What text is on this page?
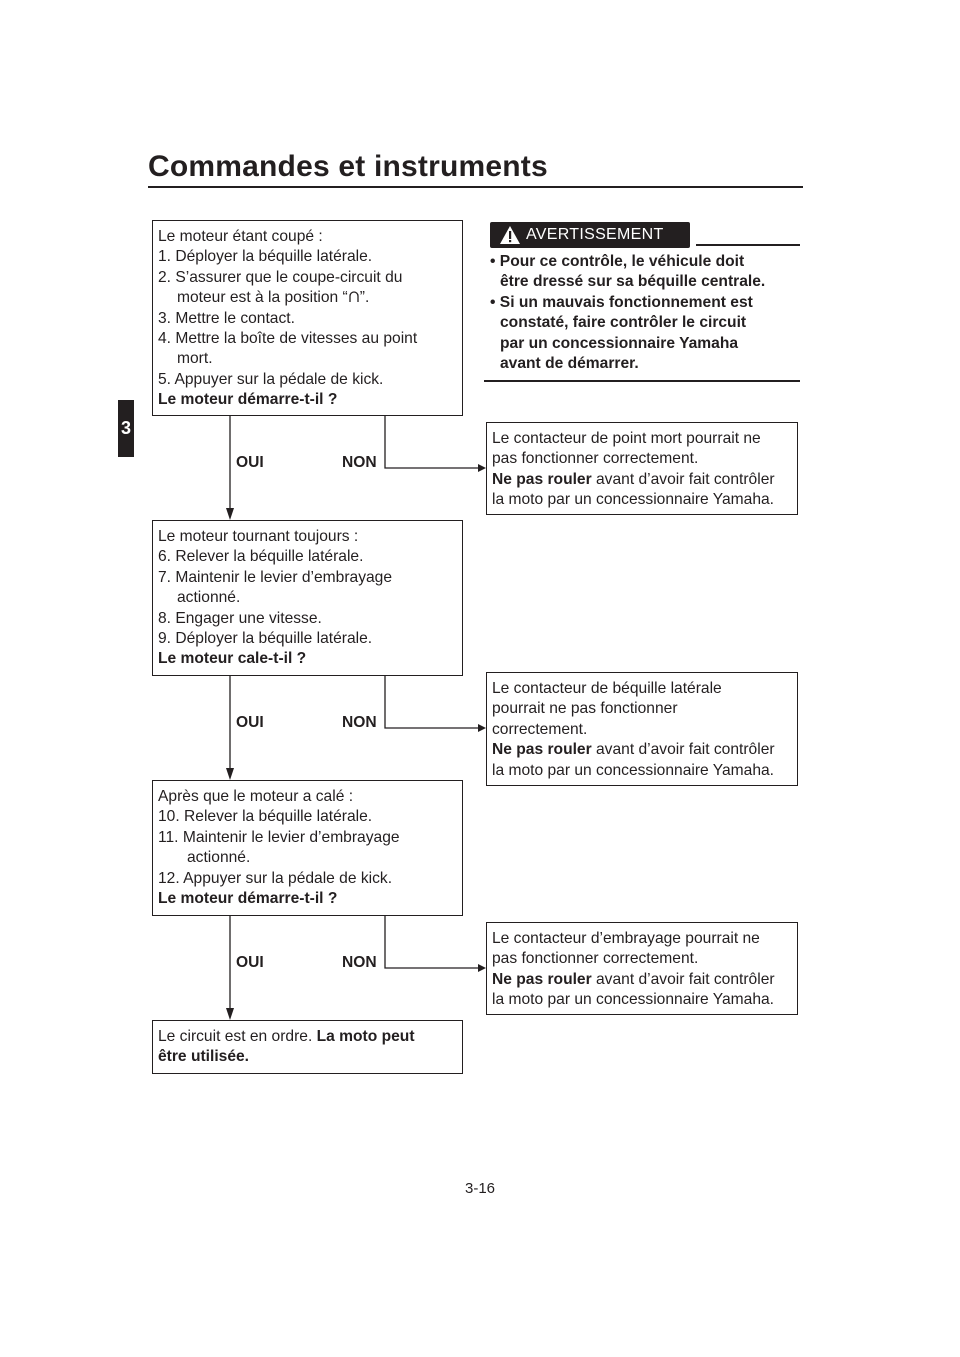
Commandes et instruments
3
Le moteur étant coupé :
1. Déployer la béquille latérale.
2. S’assurer que le coupe-circuit du
moteur est à la position “ ”.
3. Mettre le contact.
4. Mettre la boîte de vitesses au point
mort.
5. Appuyer sur la pédale de kick.
Le moteur démarre-t-il ?
AVERTISSEMENT
• Pour ce contrôle, le véhicule doit
être dressé sur sa béquille centrale.
• Si un mauvais fonctionnement est
constaté, faire contrôler le circuit
par un concessionnaire Yamaha
avant de démarrer.
Le contacteur de point mort pourrait ne
pas fonctionner correctement.
Ne pas rouler avant d’avoir fait contrôler
la moto par un concessionnaire Yamaha.
OUI	NON
Le moteur tournant toujours :
6. Relever la béquille latérale.
7. Maintenir le levier d’embrayage
actionné.
8. Engager une vitesse.
9. Déployer la béquille latérale.
Le moteur cale-t-il ?
Le contacteur de béquille latérale
pourrait ne pas fonctionner
correctement.
Ne pas rouler avant d’avoir fait contrôler
la moto par un concessionnaire Yamaha.
OUI	NON
Après que le moteur a calé :
10. Relever la béquille latérale.
11. Maintenir le levier d’embrayage
actionné.
12. Appuyer sur la pédale de kick.
Le moteur démarre-t-il ?
Le contacteur d’embrayage pourrait ne
pas fonctionner correctement.
Ne pas rouler avant d’avoir fait contrôler
la moto par un concessionnaire Yamaha.
OUI	NON
Le circuit est en ordre. La moto peut
être utilisée.
3-16
